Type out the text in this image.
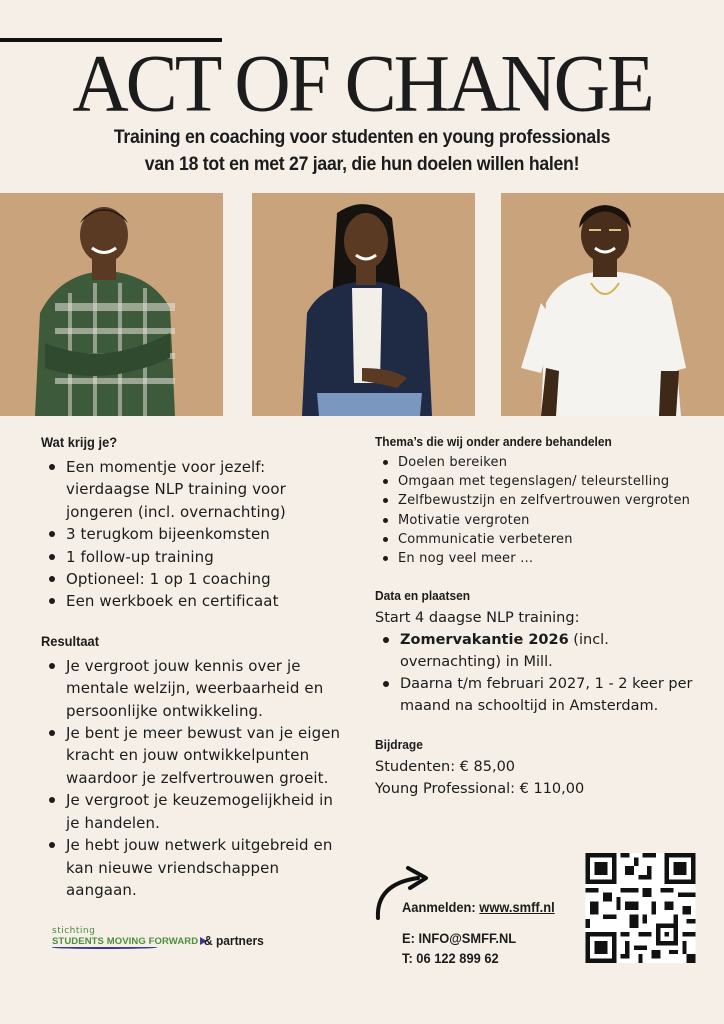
ACT OF CHANGE
Training en coaching voor studenten en young professionals
van 18 tot en met 27 jaar, die hun doelen willen halen!
Wat krijg je?
Een momentje voor jezelf: vierdaagse NLP training voor jongeren (incl. overnachting)
3 terugkom bijeenkomsten
1 follow-up training
Optioneel: 1 op 1 coaching
Een werkboek en certificaat
Resultaat
Je vergroot jouw kennis over je mentale welzijn, weerbaarheid en persoonlijke ontwikkeling.
Je bent je meer bewust van je eigen kracht en jouw ontwikkelpunten waardoor je zelfvertrouwen groeit.
Je vergroot je keuzemogelijkheid in je handelen.
Je hebt jouw netwerk uitgebreid en kan nieuwe vriendschappen aangaan.
Thema’s die wij onder andere behandelen
Doelen bereiken
Omgaan met tegenslagen/ teleurstelling
Zelfbewustzijn en zelfvertrouwen vergroten
Motivatie vergroten
Communicatie verbeteren
En nog veel meer …
Data en plaatsen
Start 4 daagse NLP training:
Zomervakantie 2026 (incl. overnachting) in Mill.
Daarna t/m februari 2027, 1 - 2 keer per maand na schooltijd in Amsterdam.
Bijdrage
Studenten: € 85,00
Young Professional: € 110,00
stichting
STUDENTS MOVING FORWARD & partners
Aanmelden: www.smff.nl
E: INFO@SMFF.NL
T: 06 122 899 62
